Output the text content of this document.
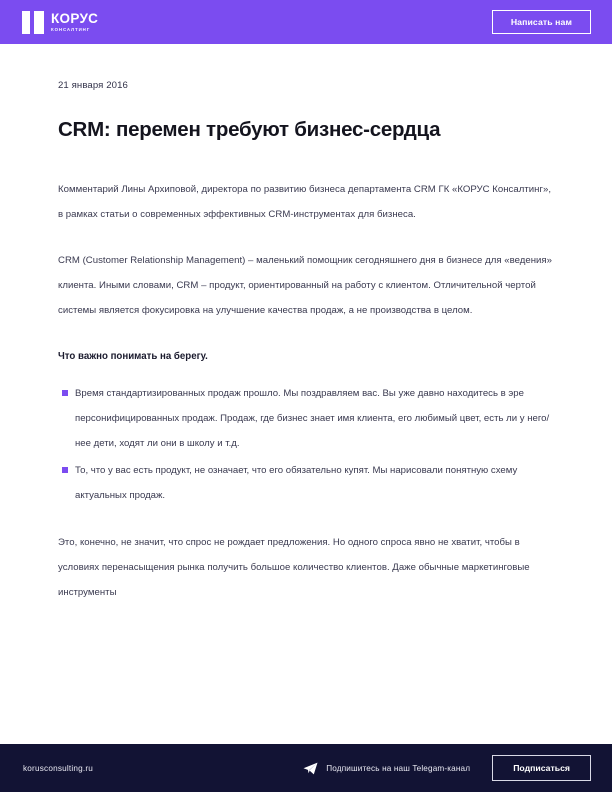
КОРУС
КОНСАЛТИНГ
Написать нам
21 января 2016
CRM: перемен требуют бизнес-сердца

Комментарий Лины Архиповой, директора по развитию бизнеса департамента CRM ГК «КОРУС Консалтинг», в рамках статьи о современных эффективных CRM-инструментах для бизнеса.

CRM (Customer Relationship Management) – маленький помощник сегодняшнего дня в бизнесе для «ведения» клиента. Иными словами, CRM – продукт, ориентированный на работу с клиентом. Отличительной чертой системы является фокусировка на улучшение качества продаж, а не производства в целом.

Что важно понимать на берегу.

Время стандартизированных продаж прошло. Мы поздравляем вас. Вы уже давно находитесь в эре персонифицированных продаж. Продаж, где бизнес знает имя клиента, его любимый цвет, есть ли у него/нее дети, ходят ли они в школу и т.д.
То, что у вас есть продукт, не означает, что его обязательно купят. Мы нарисовали понятную схему актуальных продаж.

Это, конечно, не значит, что спрос не рождает предложения. Но одного спроса явно не хватит, чтобы в условиях перенасыщения рынка получить большое количество клиентов. Даже обычные маркетинговые инструменты

korusconsulting.ru	Подпишитесь на наш Telegam-канал	Подписаться
